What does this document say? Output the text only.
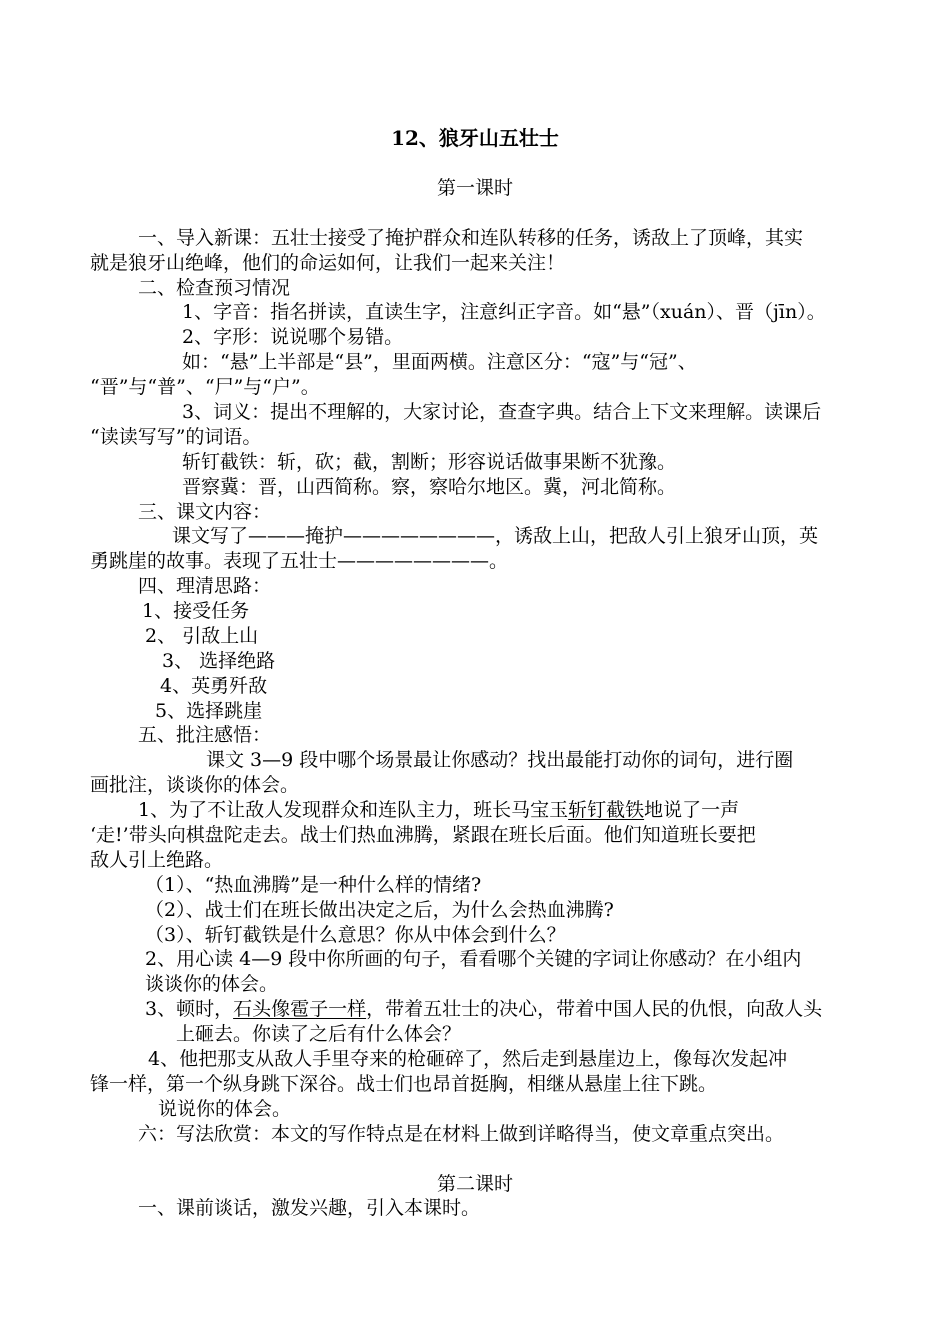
12、狼牙山五壮士
第一课时
一、导入新课：五壮士接受了掩护群众和连队转移的任务，诱敌上了顶峰，其实
就是狼牙山绝峰，他们的命运如何，让我们一起来关注！
二、检查预习情况
1、字音：指名拼读，直读生字，注意纠正字音。如“悬”（xuán）、晋（jīn）。
2、字形：说说哪个易错。
如：“悬”上半部是“县”，里面两横。注意区分：“寇”与“冠”、
“晋”与“普”、“尸”与“户”。
3、词义：提出不理解的，大家讨论，查查字典。结合上下文来理解。读课后
“读读写写”的词语。
斩钉截铁：斩，砍；截，割断；形容说话做事果断不犹豫。
晋察冀：晋，山西简称。察，察哈尔地区。冀，河北简称。
三、课文内容：
课文写了———掩护————————，诱敌上山，把敌人引上狼牙山顶，英
勇跳崖的故事。表现了五壮士————————。
四、理清思路：
1、接受任务
2、 引敌上山
3、 选择绝路
4、英勇歼敌
5、选择跳崖
五、批注感悟：
课文 3—9 段中哪个场景最让你感动？找出最能打动你的词句，进行圈
画批注，谈谈你的体会。
1、为了不让敌人发现群众和连队主力，班长马宝玉斩钉截铁地说了一声
‘走!’带头向棋盘陀走去。战士们热血沸腾，紧跟在班长后面。他们知道班长要把
敌人引上绝路。
（1）、“热血沸腾”是一种什么样的情绪?
（2）、战士们在班长做出决定之后，为什么会热血沸腾?
（3）、斩钉截铁是什么意思？你从中体会到什么？
2、用心读 4—9 段中你所画的句子，看看哪个关键的字词让你感动？在小组内
谈谈你的体会。
3、顿时，石头像雹子一样，带着五壮士的决心，带着中国人民的仇恨，向敌人头
上砸去。你读了之后有什么体会？
4、他把那支从敌人手里夺来的枪砸碎了，然后走到悬崖边上，像每次发起冲
锋一样，第一个纵身跳下深谷。战士们也昂首挺胸，相继从悬崖上往下跳。
说说你的体会。
六：写法欣赏：本文的写作特点是在材料上做到详略得当，使文章重点突出。
第二课时
一、课前谈话，激发兴趣，引入本课时。
